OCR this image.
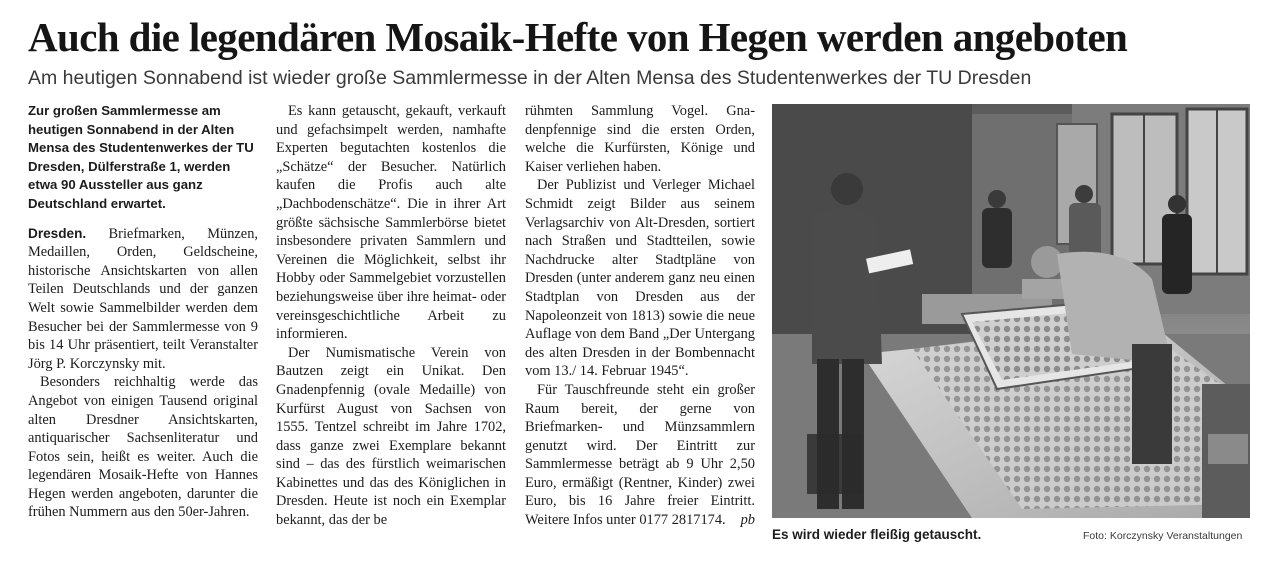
Auch die legendären Mosaik-Hefte von Hegen werden angeboten
Am heutigen Sonnabend ist wieder große Sammlermesse in der Alten Mensa des Studentenwerkes der TU Dresden

Zur großen Sammlermesse am heutigen Sonnabend in der Alten Mensa des Studentenwerkes der TU Dresden, Dülferstraße 1, werden etwa 90 Aussteller aus ganz Deutschland erwartet.

Dresden. Briefmarken, Münzen, Medaillen, Orden, Geldscheine, historische Ansichtskarten von allen Teilen Deutschlands und der ganzen Welt sowie Sammelbilder werden dem Besucher bei der Sammlermesse von 9 bis 14 Uhr präsentiert, teilt Veranstalter Jörg P. Korczynsky mit.

Besonders reichhaltig werde das Angebot von einigen Tausend original alten Dresdner Ansichtskarten, antiquarischer Sachsenliteratur und Fotos sein, heißt es weiter. Auch die legendären Mosaik-Hefte von Hannes Hegen werden angeboten, darunter die frühen Nummern aus den 50er-Jahren.

Es kann getauscht, gekauft, verkauft und gefachsimpelt werden, namhafte Experten begutachten kostenlos die „Schätze“ der Besucher. Natürlich kaufen die Profis auch alte „Dachbodenschätze“. Die in ihrer Art größte sächsische Sammlerbörse bietet insbesondere privaten Sammlern und Vereinen die Möglichkeit, selbst ihr Hobby oder Sammelgebiet vorzustellen beziehungsweise über ihre heimat- oder vereinsgeschichtliche Arbeit zu informieren.

Der Numismatische Verein von Bautzen zeigt ein Unikat. Den Gnadenpfennig (ovale Medaille) von Kurfürst August von Sachsen von 1555. Tentzel schreibt im Jahre 1702, dass ganze zwei Exemplare bekannt sind – das des fürstlich weimarischen Kabinettes und das des Königlichen in Dresden. Heute ist noch ein Exemplar bekannt, das der be

rühmten Sammlung Vogel. Gnadenpfennige sind die ersten Orden, welche die Kurfürsten, Könige und Kaiser verliehen haben.

Der Publizist und Verleger Michael Schmidt zeigt Bilder aus seinem Verlagsarchiv von Alt-Dresden, sortiert nach Straßen und Stadtteilen, sowie Nachdrucke alter Stadtpläne von Dresden (unter anderem ganz neu einen Stadtplan von Dresden aus der Napoleonzeit von 1813) sowie die neue Auflage von dem Band „Der Untergang des alten Dresden in der Bombennacht vom 13./ 14. Februar 1945“.

Für Tauschfreunde steht ein großer Raum bereit, der gerne von Briefmarken- und Münzsammlern genutzt wird. Der Eintritt zur Sammlermesse beträgt ab 9 Uhr 2,50 Euro, ermäßigt (Rentner, Kinder) zwei Euro, bis 16 Jahre freier Eintritt. Weitere Infos unter 0177 2817174.	pb

Es wird wieder fleißig getauscht.	Foto: Korczynsky Veranstaltungen
